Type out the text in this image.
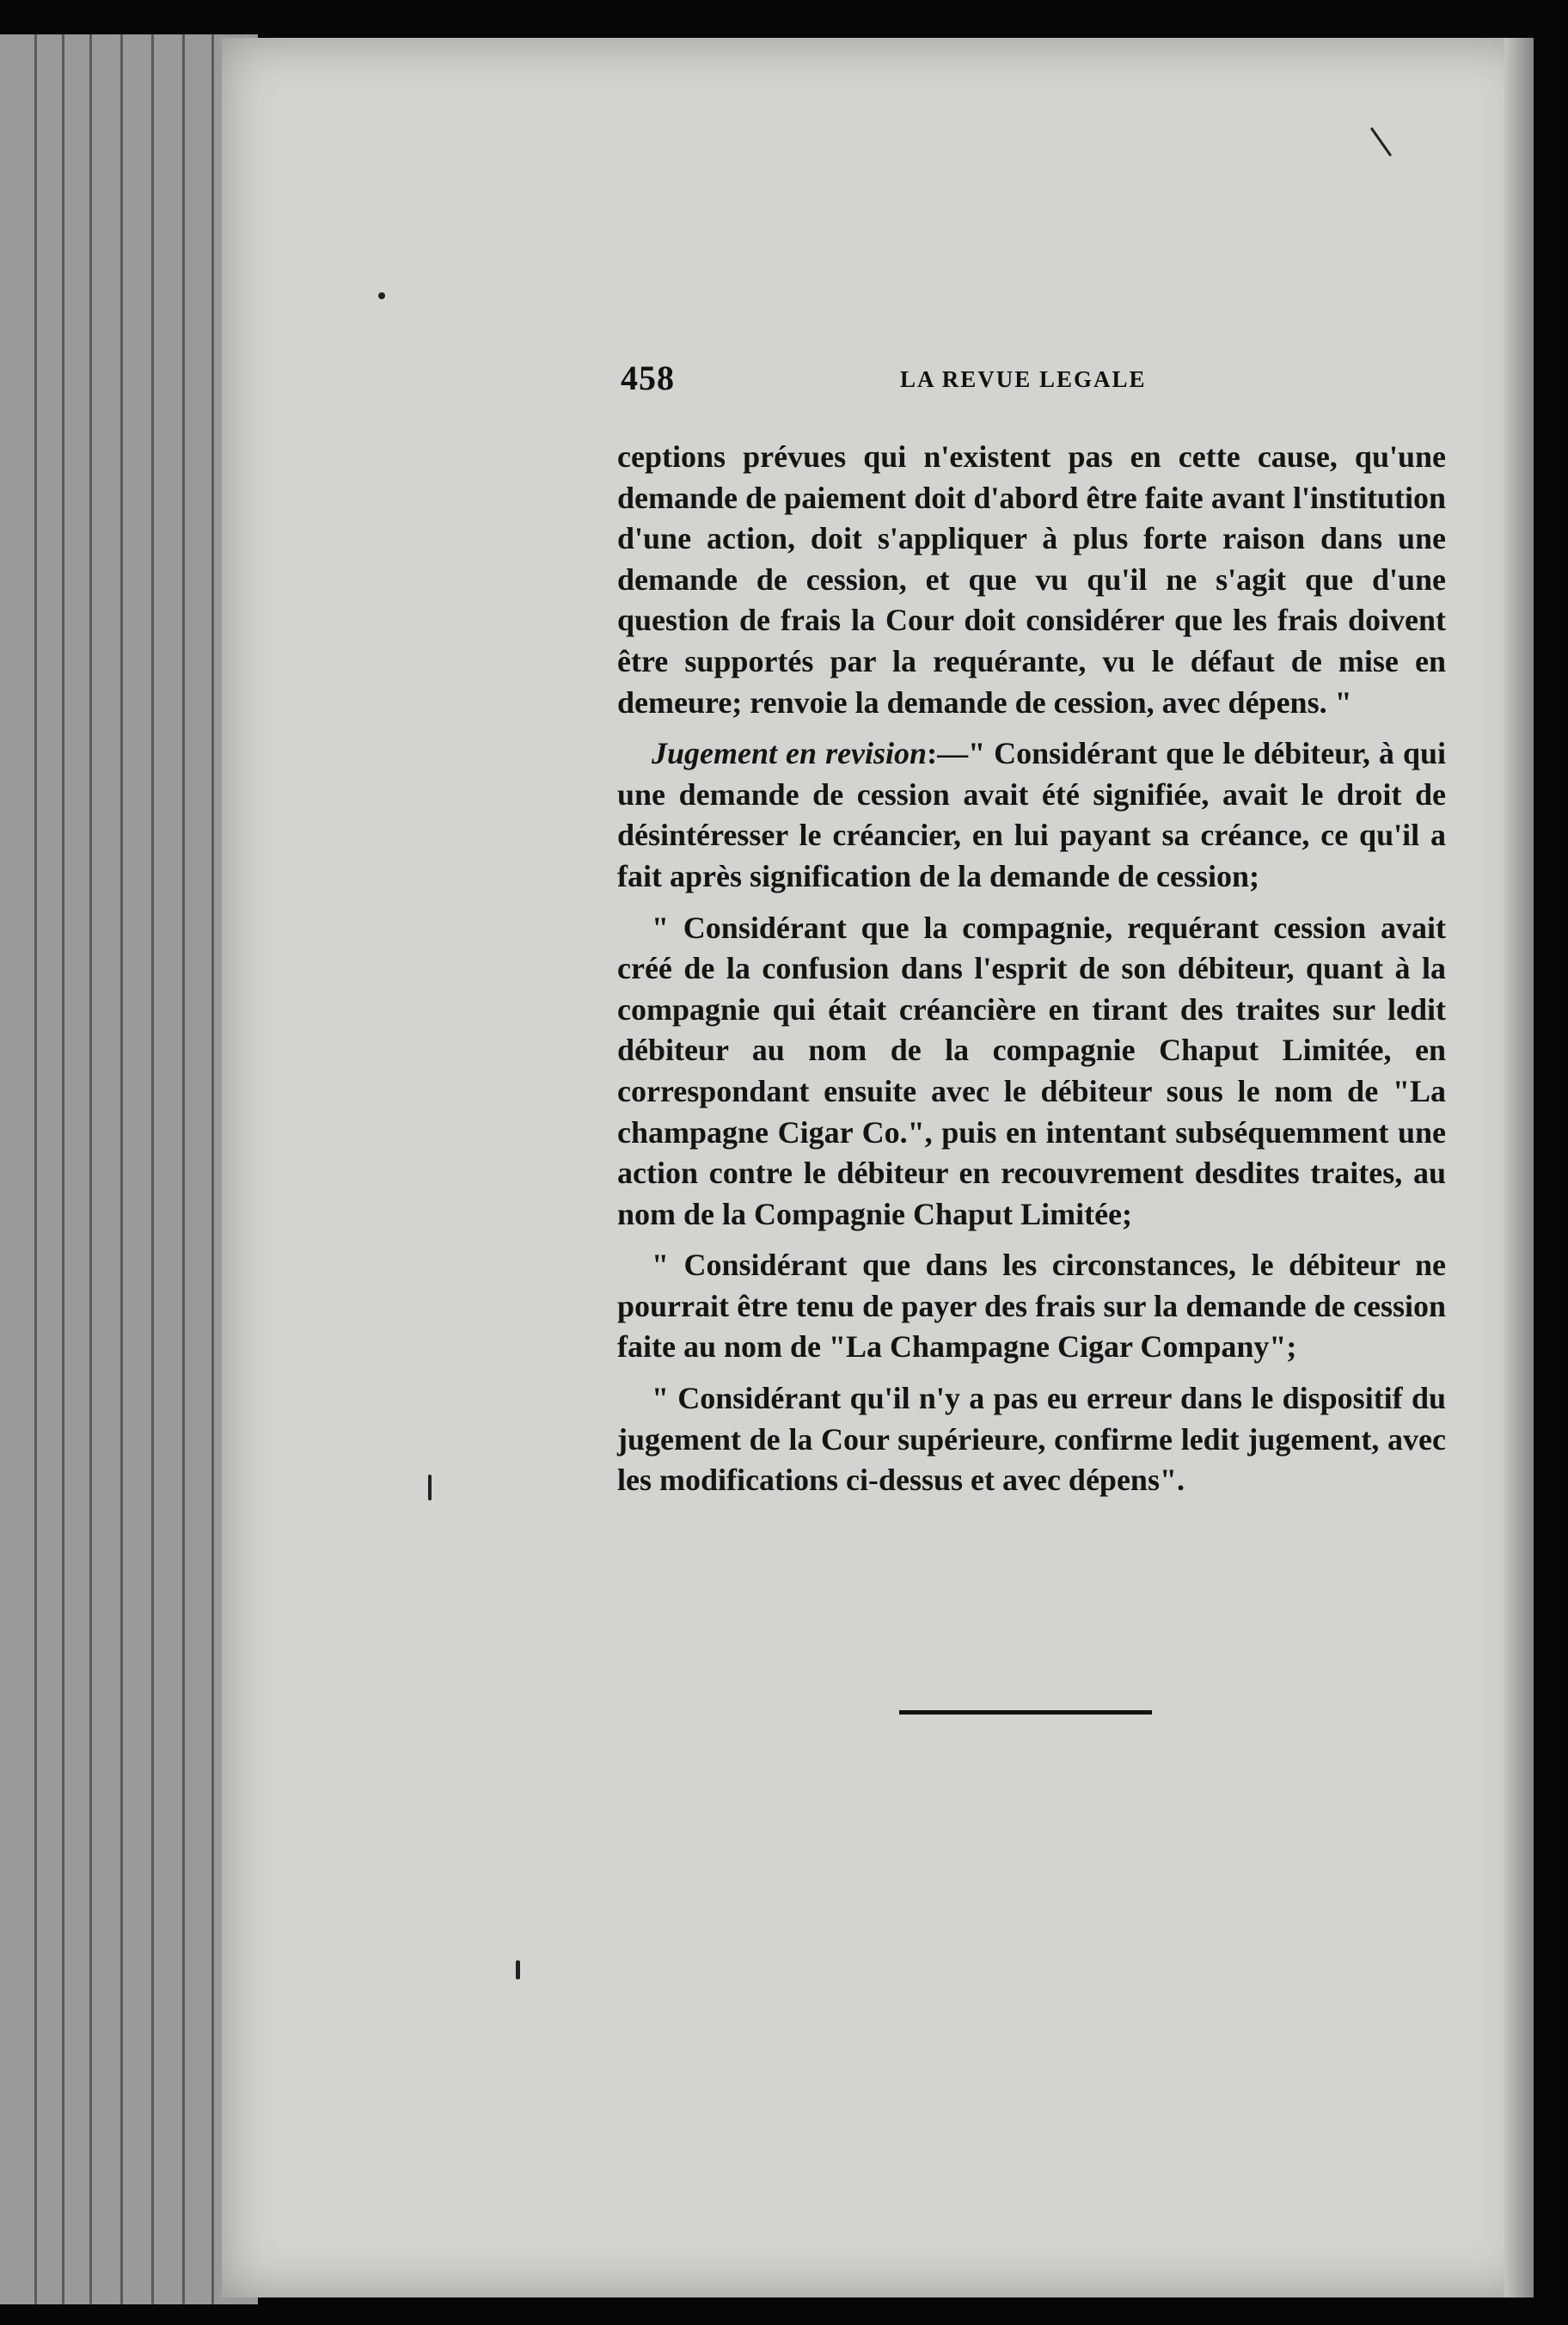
458	LA REVUE LEGALE

ceptions prévues qui n'existent pas en cette cause, qu'une demande de paiement doit d'abord être faite avant l'institution d'une action, doit s'appliquer à plus forte raison dans une demande de cession, et que vu qu'il ne s'agit que d'une question de frais la Cour doit considérer que les frais doivent être supportés par la requérante, vu le défaut de mise en demeure; renvoie la demande de cession, avec dépens. "

Jugement en revision:—" Considérant que le débiteur, à qui une demande de cession avait été signifiée, avait le droit de désintéresser le créancier, en lui payant sa créance, ce qu'il a fait après signification de la demande de cession;

" Considérant que la compagnie, requérant cession avait créé de la confusion dans l'esprit de son débiteur, quant à la compagnie qui était créancière en tirant des traites sur ledit débiteur au nom de la compagnie Chaput Limitée, en correspondant ensuite avec le débiteur sous le nom de "La champagne Cigar Co.", puis en intentant subséquemment une action contre le débiteur en recouvrement desdites traites, au nom de la Compagnie Chaput Limitée;

" Considérant que dans les circonstances, le débiteur ne pourrait être tenu de payer des frais sur la demande de cession faite au nom de "La Champagne Cigar Company";

" Considérant qu'il n'y a pas eu erreur dans le dispositif du jugement de la Cour supérieure, confirme ledit jugement, avec les modifications ci-dessus et avec dépens".
